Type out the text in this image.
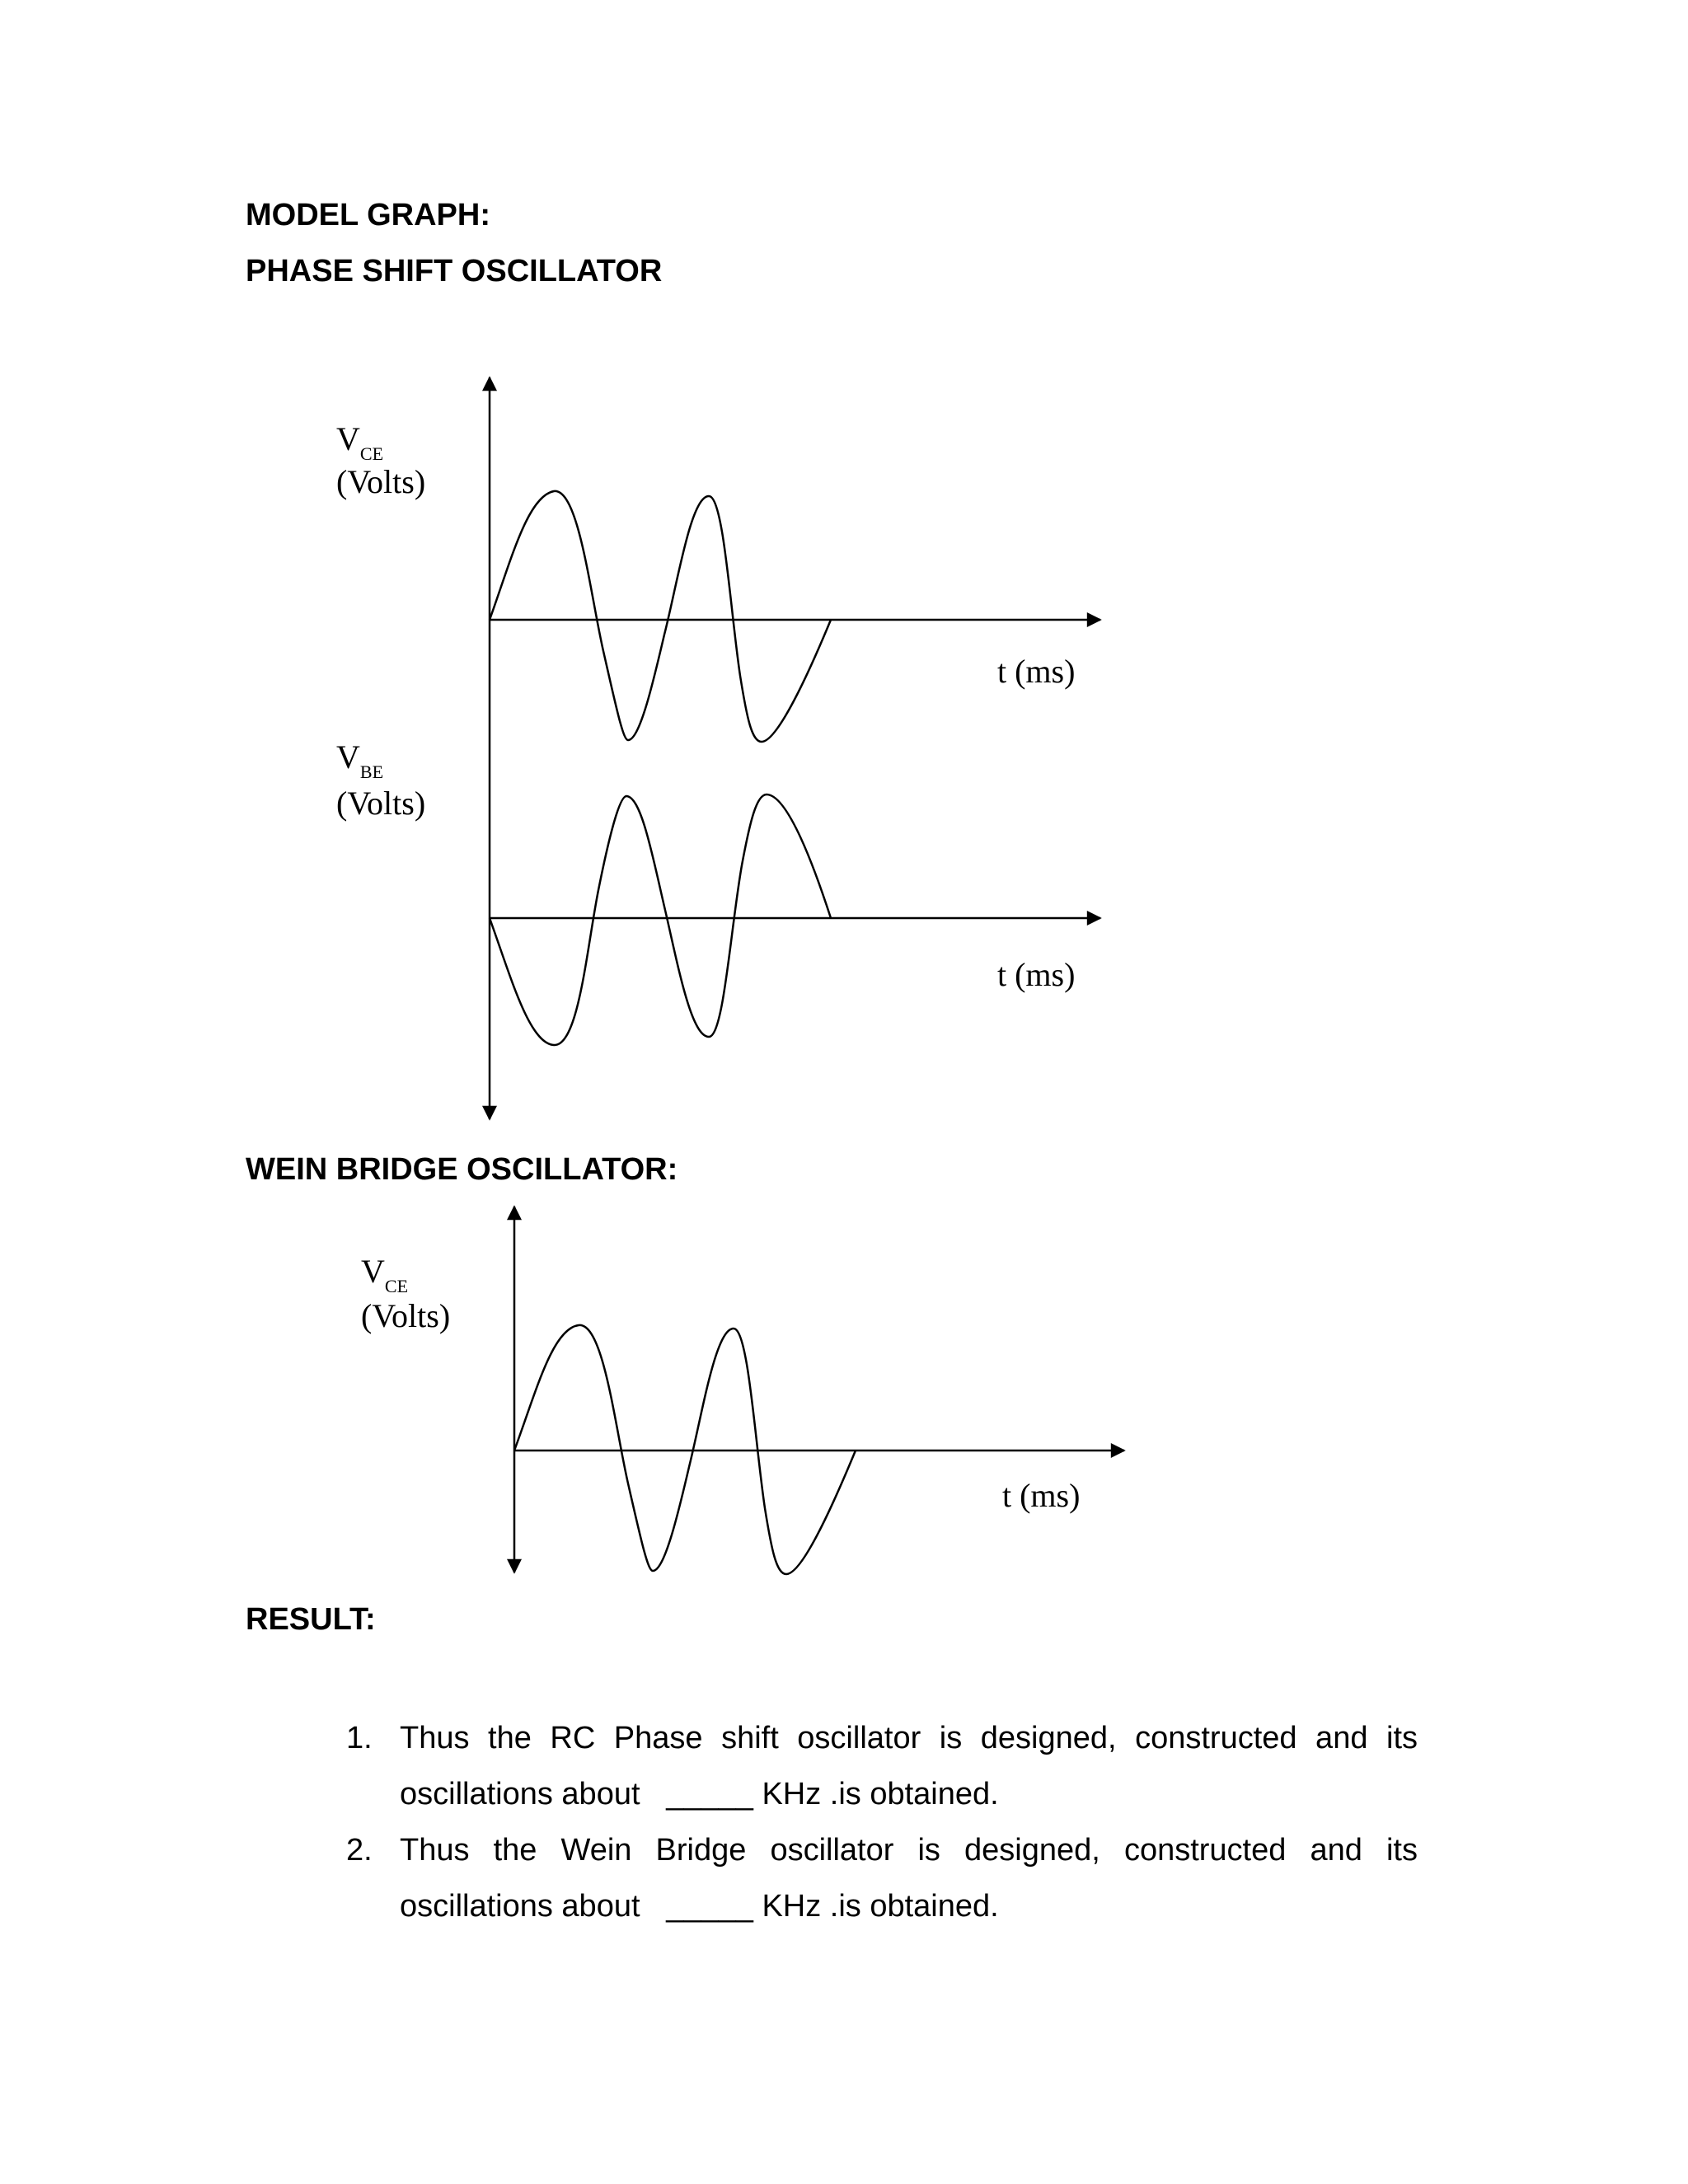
MODEL GRAPH:
PHASE SHIFT OSCILLATOR
$V_{CE}$
(Volts)
t (ms)
$V_{BE}$
(Volts)
t (ms)
$V_{CE}$
(Volts)
t (ms)
WEIN BRIDGE OSCILLATOR:
RESULT:
1. Thus the RC Phase shift oscillator is designed, constructed and its
oscillations about _____ KHz .is obtained.
2. Thus the Wein Bridge oscillator is designed, constructed and its
oscillations about _____ KHz .is obtained.
